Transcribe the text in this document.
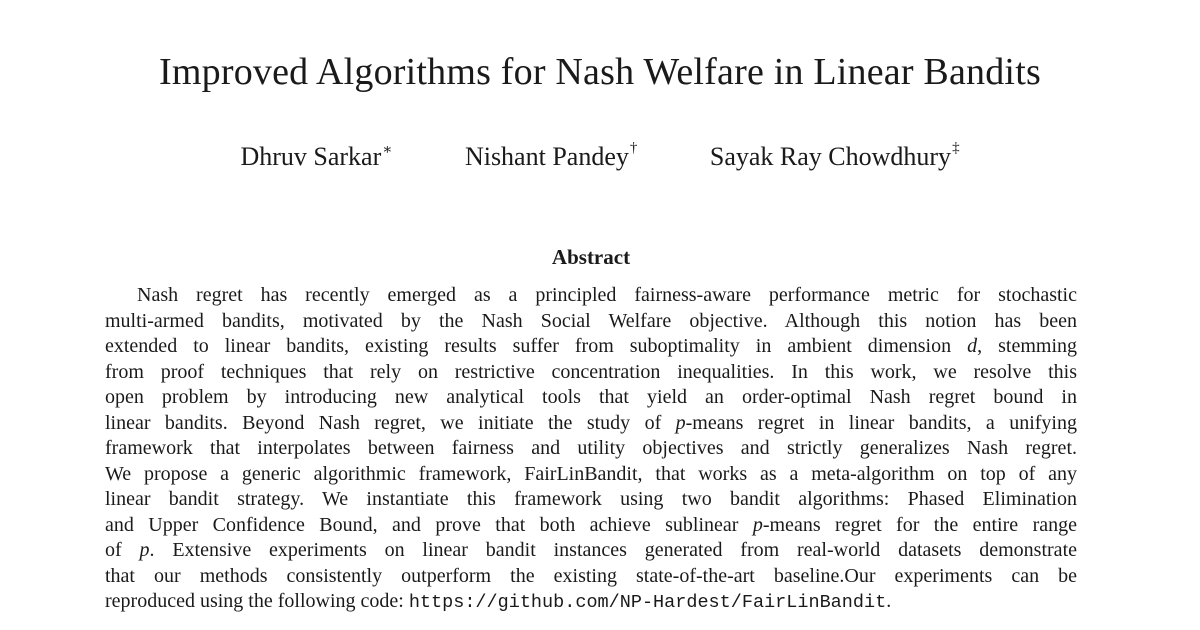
Improved Algorithms for Nash Welfare in Linear Bandits
Dhruv Sarkar∗	Nishant Pandey†	Sayak Ray Chowdhury‡
Abstract
Nash regret has recently emerged as a principled fairness-aware performance metric for stochastic
multi-armed bandits, motivated by the Nash Social Welfare objective. Although this notion has been
extended to linear bandits, existing results suffer from suboptimality in ambient dimension d, stemming
from proof techniques that rely on restrictive concentration inequalities. In this work, we resolve this
open problem by introducing new analytical tools that yield an order-optimal Nash regret bound in
linear bandits. Beyond Nash regret, we initiate the study of p-means regret in linear bandits, a unifying
framework that interpolates between fairness and utility objectives and strictly generalizes Nash regret.
We propose a generic algorithmic framework, FairLinBandit, that works as a meta-algorithm on top of any
linear bandit strategy. We instantiate this framework using two bandit algorithms: Phased Elimination
and Upper Confidence Bound, and prove that both achieve sublinear p-means regret for the entire range
of p. Extensive experiments on linear bandit instances generated from real-world datasets demonstrate
that our methods consistently outperform the existing state-of-the-art baseline.Our experiments can be
reproduced using the following code: https://github.com/NP-Hardest/FairLinBandit.
